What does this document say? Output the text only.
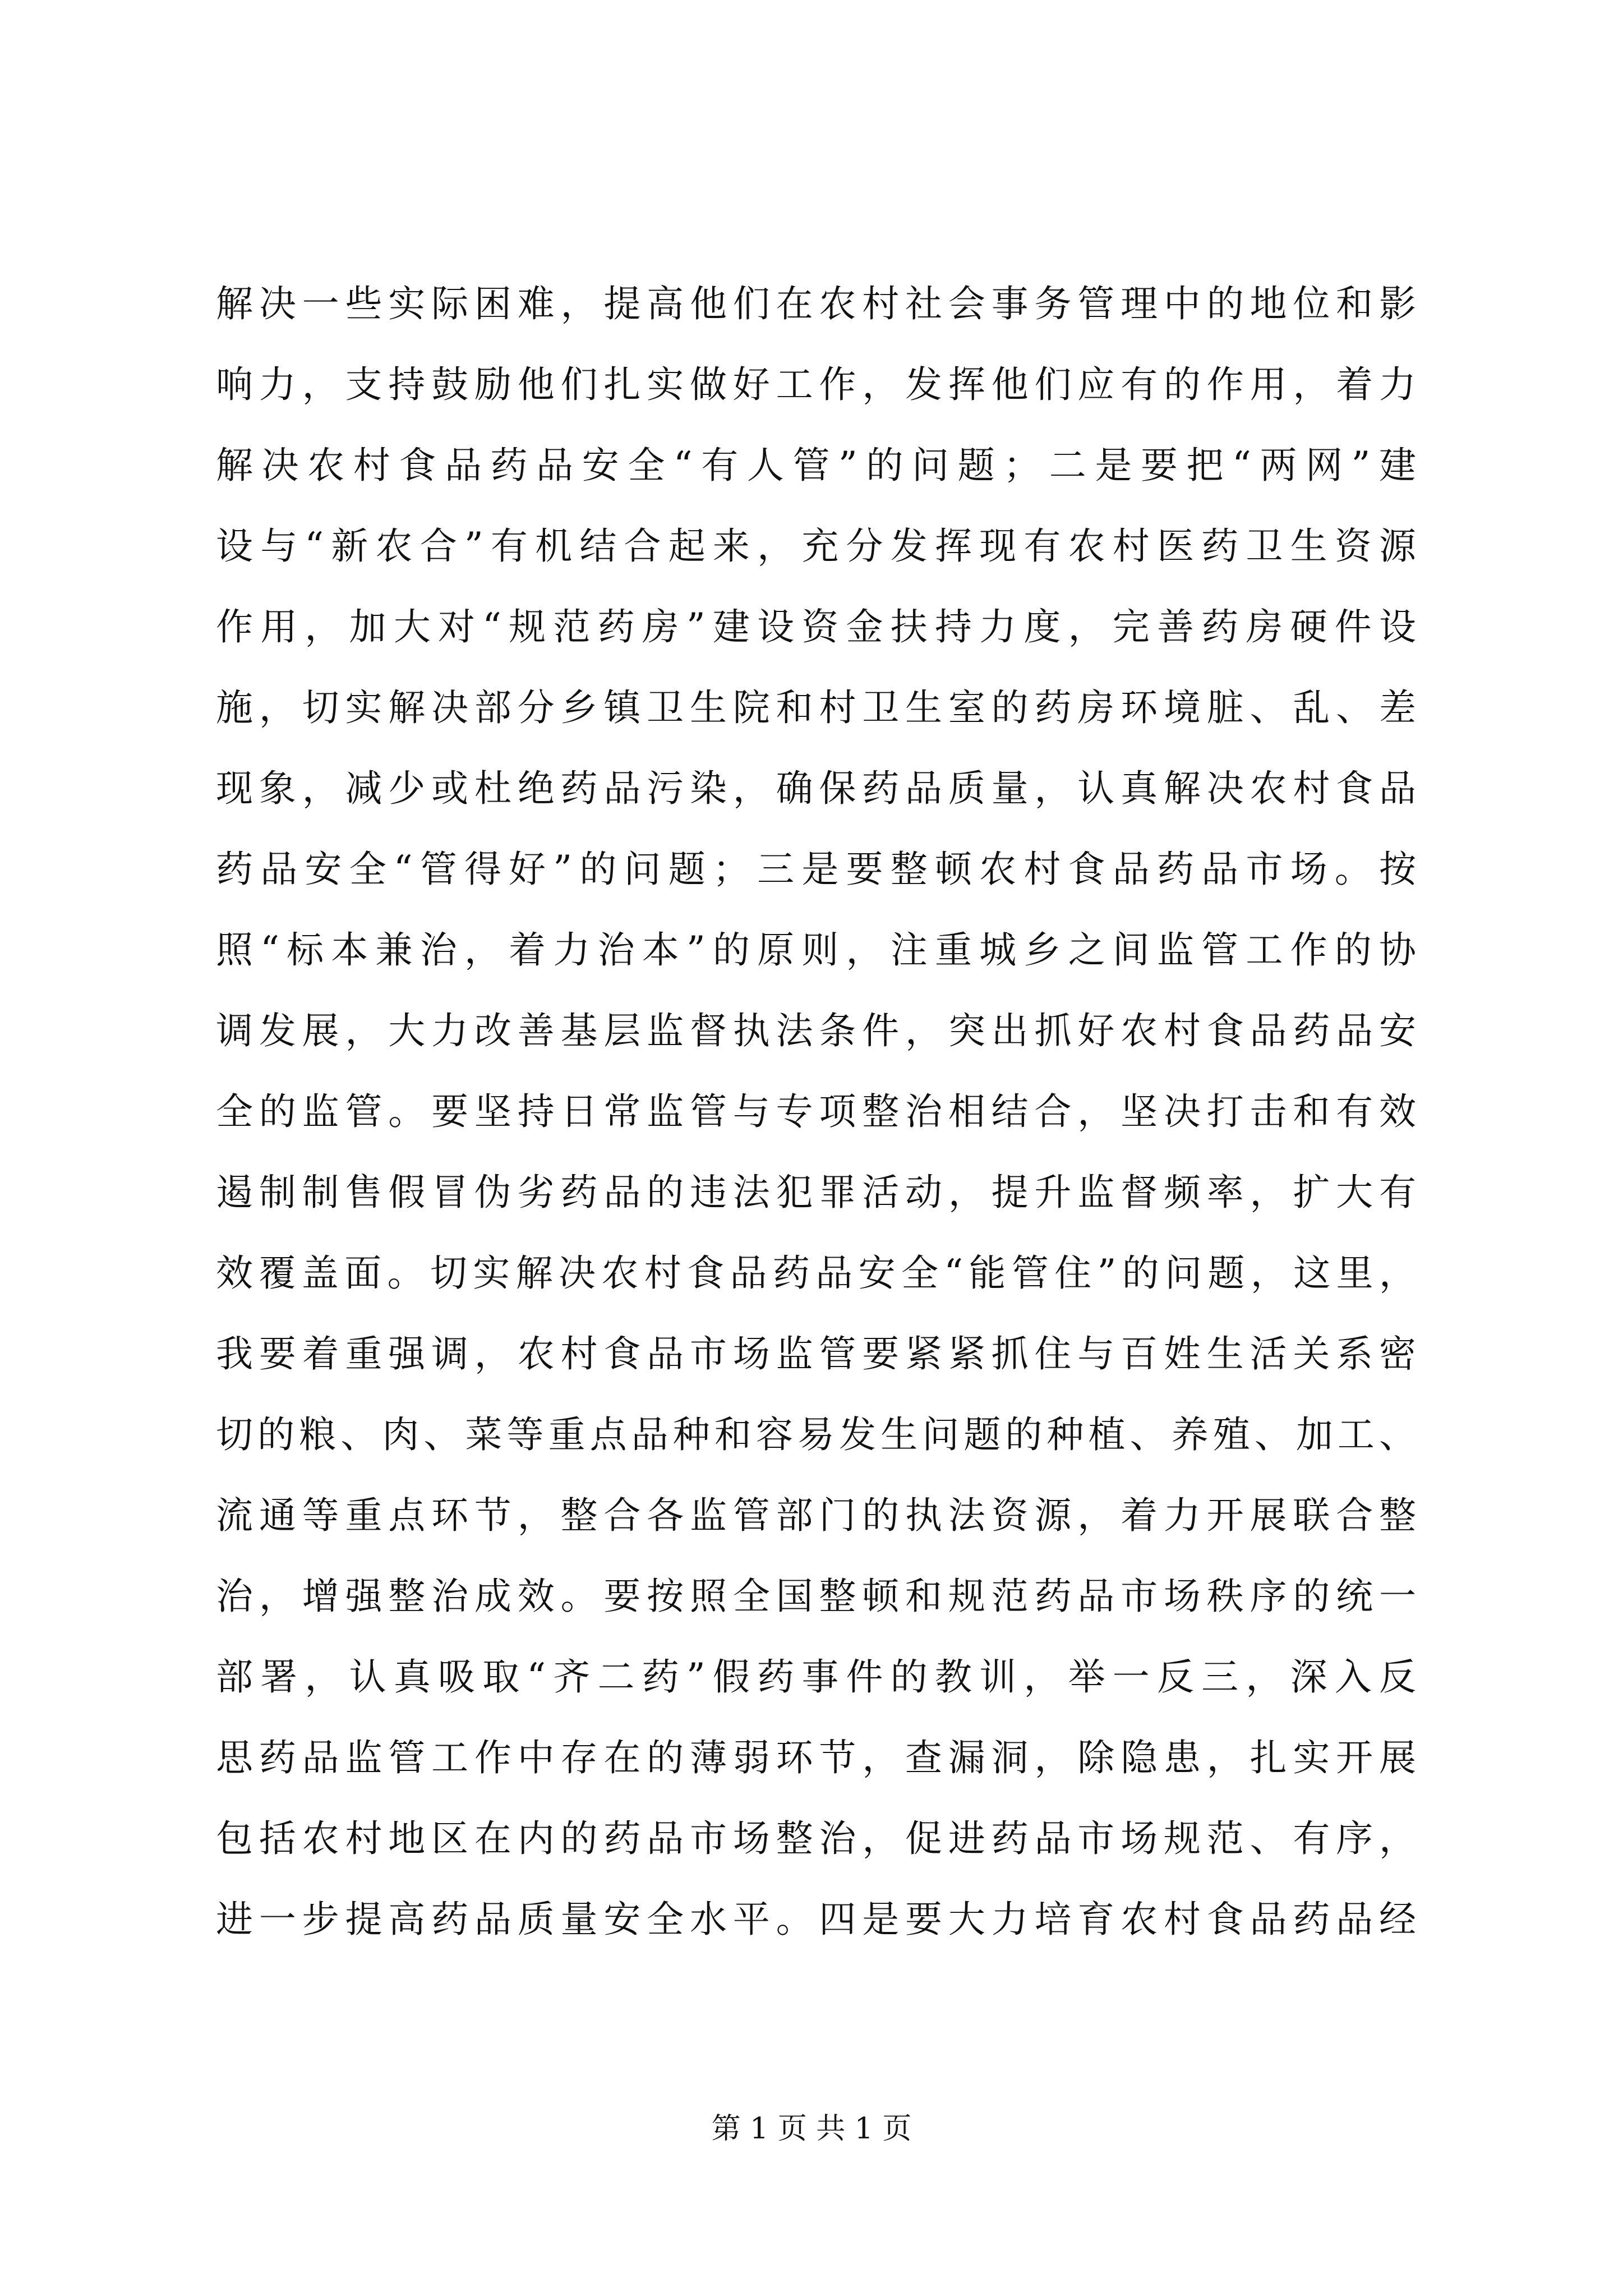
解决一些实际困难，提高他们在农村社会事务管理中的地位和影
响力，支持鼓励他们扎实做好工作，发挥他们应有的作用，着力
解决农村食品药品安全“有人管”的问题；二是要把“两网”建
设与“新农合”有机结合起来，充分发挥现有农村医药卫生资源
作用，加大对“规范药房”建设资金扶持力度，完善药房硬件设
施，切实解决部分乡镇卫生院和村卫生室的药房环境脏、乱、差
现象，减少或杜绝药品污染，确保药品质量，认真解决农村食品
药品安全“管得好”的问题；三是要整顿农村食品药品市场。按
照“标本兼治，着力治本”的原则，注重城乡之间监管工作的协
调发展，大力改善基层监督执法条件，突出抓好农村食品药品安
全的监管。要坚持日常监管与专项整治相结合，坚决打击和有效
遏制制售假冒伪劣药品的违法犯罪活动，提升监督频率，扩大有
效覆盖面。切实解决农村食品药品安全“能管住”的问题，这里，
我要着重强调，农村食品市场监管要紧紧抓住与百姓生活关系密
切的粮、肉、菜等重点品种和容易发生问题的种植、养殖、加工、
流通等重点环节，整合各监管部门的执法资源，着力开展联合整
治，增强整治成效。要按照全国整顿和规范药品市场秩序的统一
部署，认真吸取“齐二药”假药事件的教训，举一反三，深入反
思药品监管工作中存在的薄弱环节，查漏洞，除隐患，扎实开展
包括农村地区在内的药品市场整治，促进药品市场规范、有序，
进一步提高药品质量安全水平。四是要大力培育农村食品药品经
第 1 页 共 1 页
